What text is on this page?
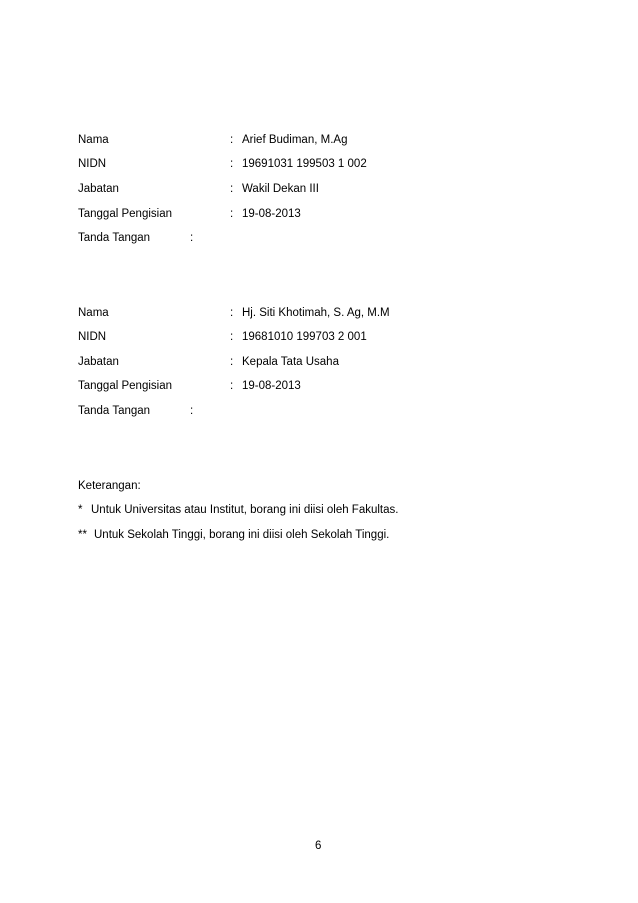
Nama	: Arief Budiman, M.Ag
NIDN	: 19691031 199503 1 002
Jabatan	: Wakil Dekan III
Tanggal Pengisian	: 19-08-2013
Tanda Tangan	:
Nama	: Hj. Siti Khotimah, S. Ag, M.M
NIDN	: 19681010 199703 2 001
Jabatan	: Kepala Tata Usaha
Tanggal Pengisian	: 19-08-2013
Tanda Tangan	:
Keterangan:
* Untuk Universitas atau Institut, borang ini diisi oleh Fakultas.
** Untuk Sekolah Tinggi, borang ini diisi oleh Sekolah Tinggi.
6
